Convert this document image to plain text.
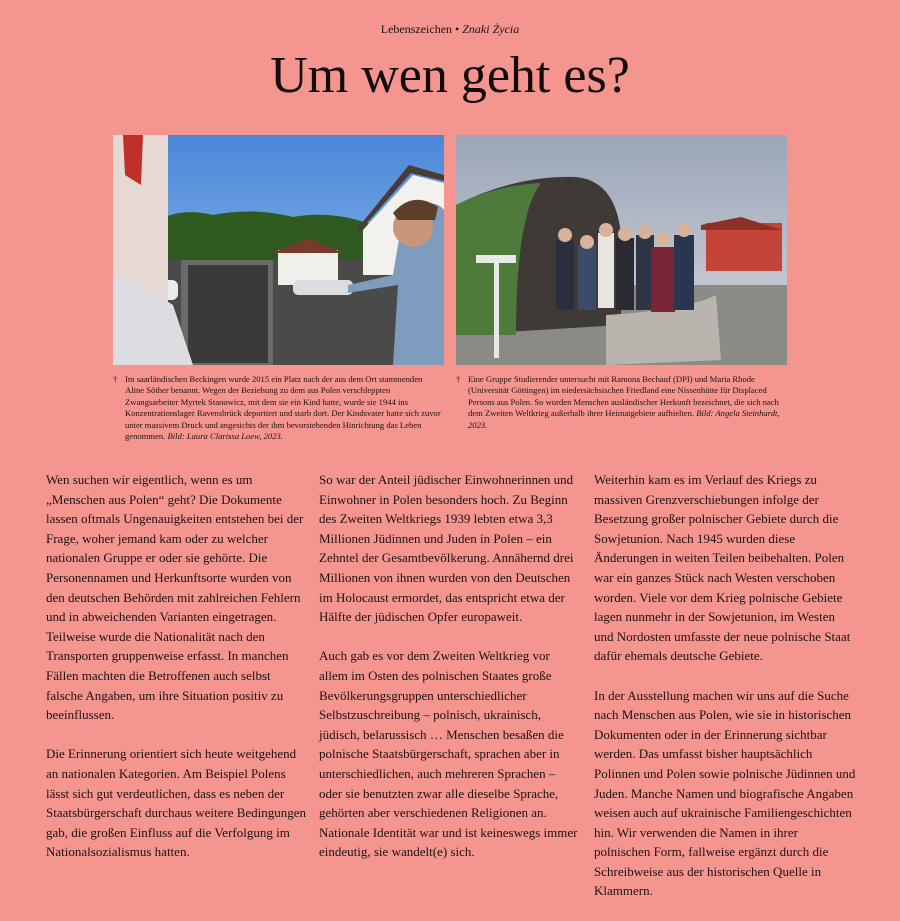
Lebenszeichen • Znaki Życia
Um wen geht es?
† Im saarländischen Beckingen wurde 2015 ein Platz nach der aus dem Ort stammenden Aline Söther benannt. Wegen der Beziehung zu dem aus Polen verschleppten Zwangsarbeiter Myrtek Stanowicz, mit dem sie ein Kind hatte, wurde sie 1944 ins Konzentrationslager Ravensbrück deportiert und starb dort. Der Kindsvater hatte sich zuvor unter massivem Druck und angesichts der ihm bevorstehenden Hinrichtung das Leben genommen. Bild: Laura Clarissa Loew, 2023.
† Eine Gruppe Studierender untersucht mit Ramona Bechauf (DPI) und Maria Rhode (Universität Göttingen) im niedersächsischen Friedland eine Nissenhütte für Displaced Persons aus Polen. So wurden Menschen ausländischer Herkunft bezeichnet, die sich nach dem Zweiten Weltkrieg außerhalb ihrer Heimatgebiete aufhielten. Bild: Angela Steinhardt, 2023.

Wen suchen wir eigentlich, wenn es um „Menschen aus Polen“ geht? Die Dokumente lassen oftmals Ungenauigkeiten entstehen bei der Frage, woher jemand kam oder zu welcher nationalen Gruppe er oder sie gehörte. Die Personennamen und Herkunftsorte wurden von den deutschen Behörden mit zahlreichen Fehlern und in abweichenden Varianten eingetragen. Teilweise wurde die Nationalität nach den Transporten gruppenweise erfasst. In manchen Fällen machten die Betroffenen auch selbst falsche Angaben, um ihre Situation positiv zu beeinflussen.

Die Erinnerung orientiert sich heute weitgehend an nationalen Kategorien. Am Beispiel Polens lässt sich gut verdeutlichen, dass es neben der Staatsbürgerschaft durchaus weitere Bedingungen gab, die großen Einfluss auf die Verfolgung im Nationalsozialismus hatten.

So war der Anteil jüdischer Einwohnerinnen und Einwohner in Polen besonders hoch. Zu Beginn des Zweiten Weltkriegs 1939 lebten etwa 3,3 Millionen Jüdinnen und Juden in Polen – ein Zehntel der Gesamtbevölkerung. Annähernd drei Millionen von ihnen wurden von den Deutschen im Holocaust ermordet, das entspricht etwa der Hälfte der jüdischen Opfer europaweit.

Auch gab es vor dem Zweiten Weltkrieg vor allem im Osten des polnischen Staates große Bevölkerungsgruppen unterschiedlicher Selbstzuschreibung – polnisch, ukrainisch, jüdisch, belarussisch … Menschen besaßen die polnische Staatsbürgerschaft, sprachen aber in unterschiedlichen, auch mehreren Sprachen – oder sie benutzten zwar alle dieselbe Sprache, gehörten aber verschiedenen Religionen an. Nationale Identität war und ist keineswegs immer eindeutig, sie wandelt(e) sich.

Weiterhin kam es im Verlauf des Kriegs zu massiven Grenzverschiebungen infolge der Besetzung großer polnischer Gebiete durch die Sowjetunion. Nach 1945 wurden diese Änderungen in weiten Teilen beibehalten. Polen war ein ganzes Stück nach Westen verschoben worden. Viele vor dem Krieg polnische Gebiete lagen nunmehr in der Sowjetunion, im Westen und Nordosten umfasste der neue polnische Staat dafür ehemals deutsche Gebiete.

In der Ausstellung machen wir uns auf die Suche nach Menschen aus Polen, wie sie in historischen Dokumenten oder in der Erinnerung sichtbar werden. Das umfasst bisher hauptsächlich Polinnen und Polen sowie polnische Jüdinnen und Juden. Manche Namen und biografische Angaben weisen auch auf ukrainische Familiengeschichten hin. Wir verwenden die Namen in ihrer polnischen Form, fallweise ergänzt durch die Schreibweise aus der historischen Quelle in Klammern.
